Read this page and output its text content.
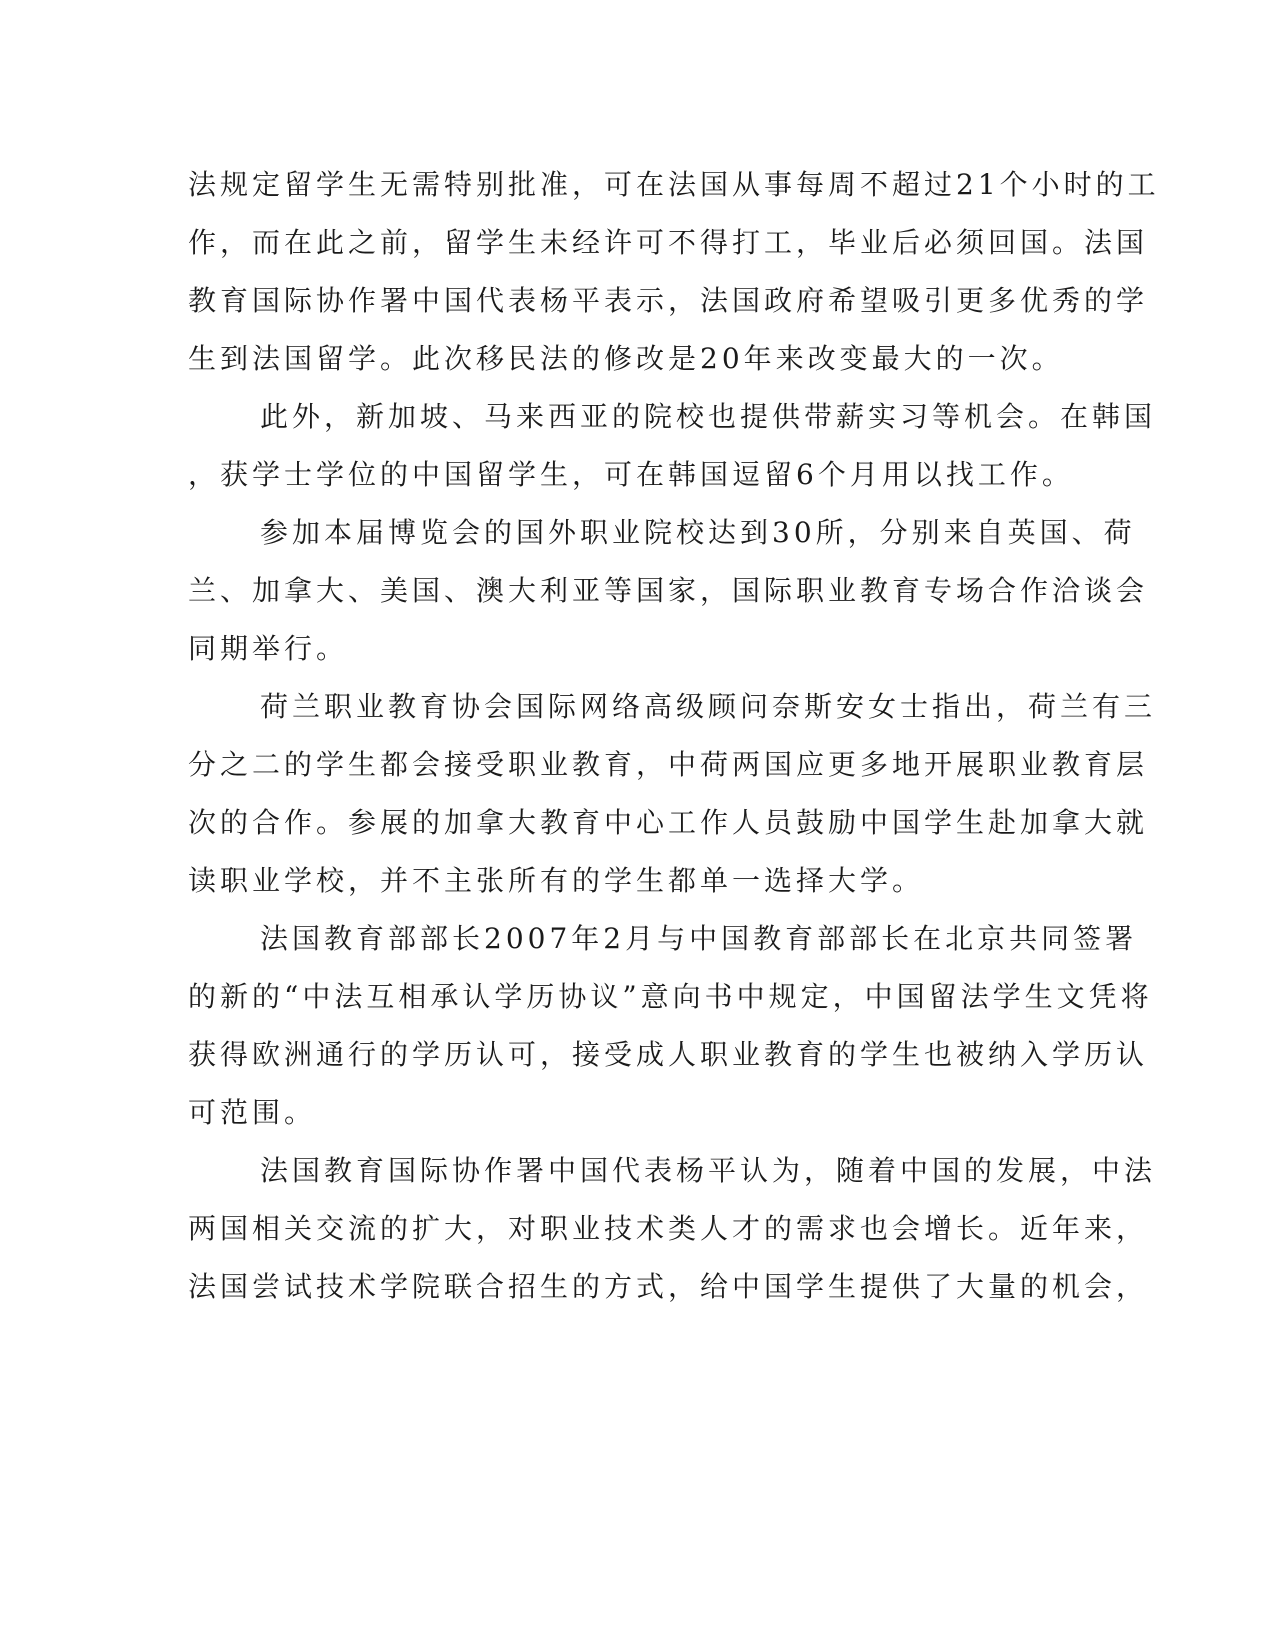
法规定留学生无需特别批准，可在法国从事每周不超过21个小时的工
作，而在此之前，留学生未经许可不得打工，毕业后必须回国。法国
教育国际协作署中国代表杨平表示，法国政府希望吸引更多优秀的学
生到法国留学。此次移民法的修改是20年来改变最大的一次。
此外，新加坡、马来西亚的院校也提供带薪实习等机会。在韩国
，获学士学位的中国留学生，可在韩国逗留6个月用以找工作。
参加本届博览会的国外职业院校达到30所，分别来自英国、荷
兰、加拿大、美国、澳大利亚等国家，国际职业教育专场合作洽谈会
同期举行。
荷兰职业教育协会国际网络高级顾问奈斯安女士指出，荷兰有三
分之二的学生都会接受职业教育，中荷两国应更多地开展职业教育层
次的合作。参展的加拿大教育中心工作人员鼓励中国学生赴加拿大就
读职业学校，并不主张所有的学生都单一选择大学。
法国教育部部长2007年2月与中国教育部部长在北京共同签署
的新的“中法互相承认学历协议”意向书中规定，中国留法学生文凭将
获得欧洲通行的学历认可，接受成人职业教育的学生也被纳入学历认
可范围。
法国教育国际协作署中国代表杨平认为，随着中国的发展，中法
两国相关交流的扩大，对职业技术类人才的需求也会增长。近年来，
法国尝试技术学院联合招生的方式，给中国学生提供了大量的机会，
